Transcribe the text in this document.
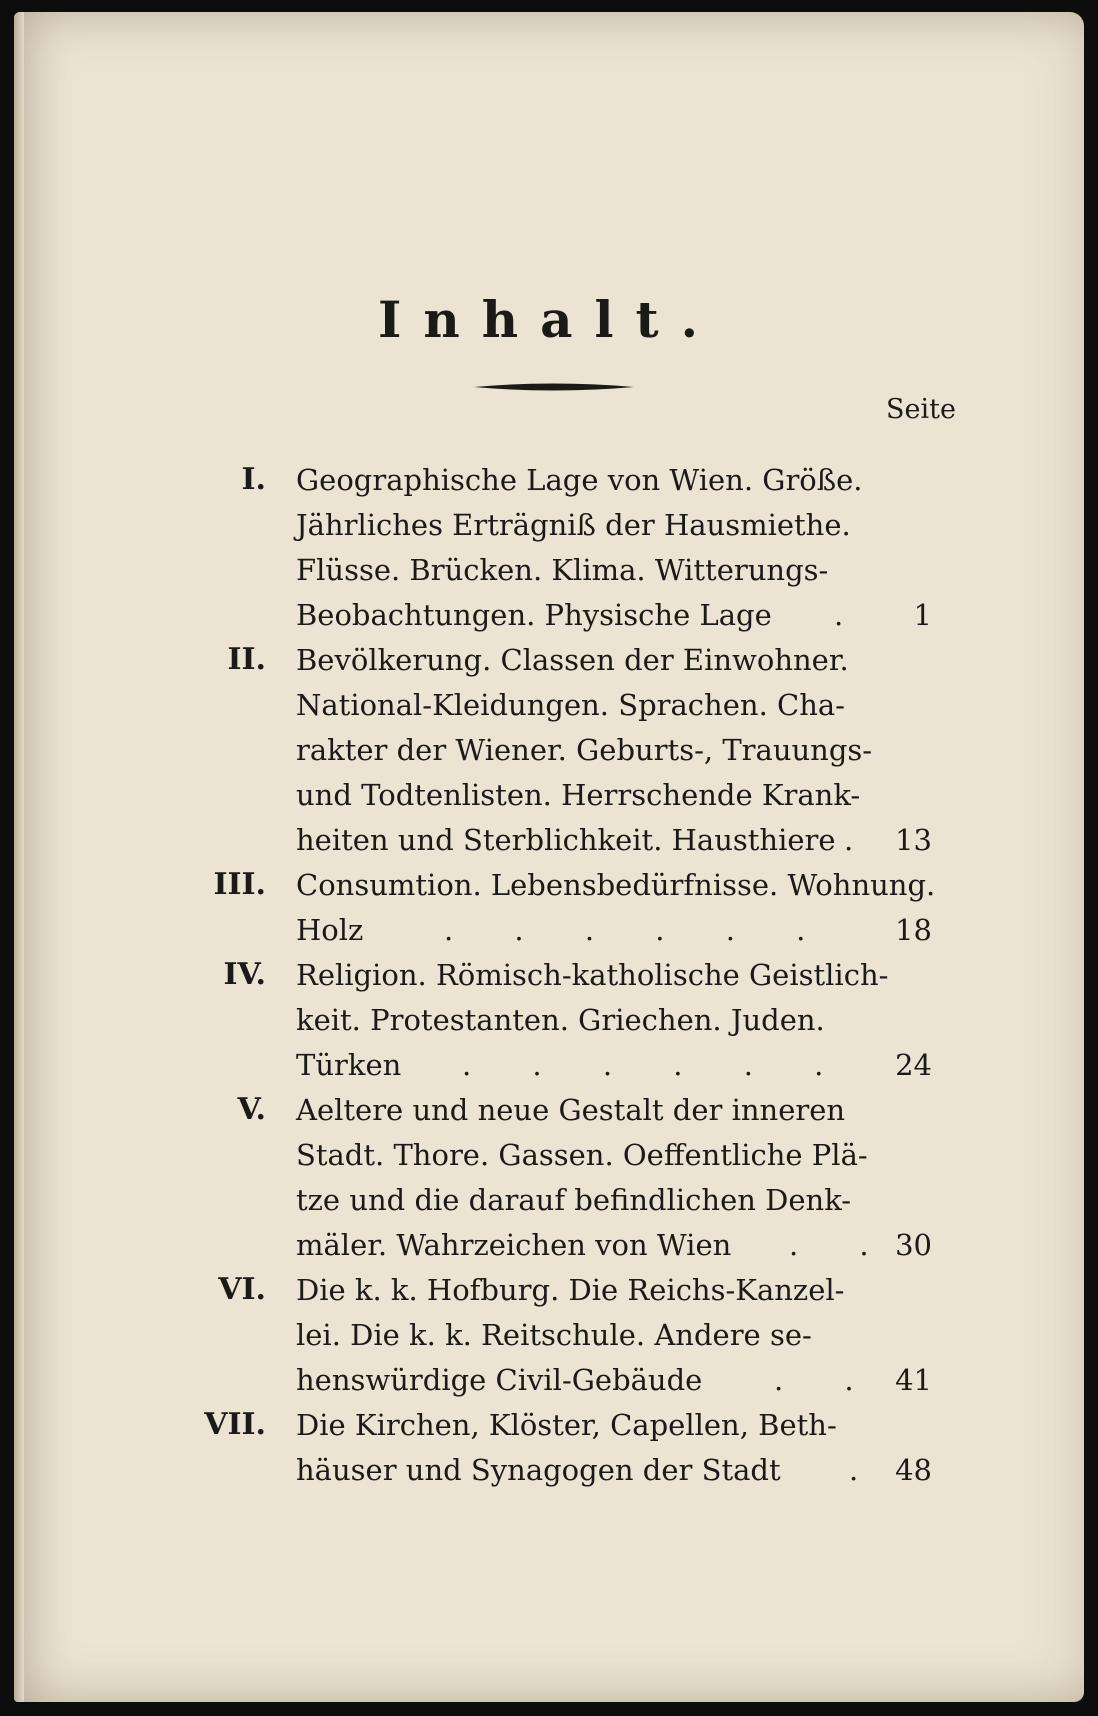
Inhalt.
Seite
I. Geographische Lage von Wien. Größe.
Jährliches Erträgniß der Hausmiethe.
Flüsse. Brücken. Klima. Witterungs-
Beobachtungen. Physische Lage .	1
II. Bevölkerung. Classen der Einwohner.
National-Kleidungen. Sprachen. Cha-
rakter der Wiener. Geburts-, Trauungs-
und Todtenlisten. Herrschende Krank-
heiten und Sterblichkeit. Hausthiere . 13
III. Consumtion. Lebensbedürfnisse. Wohnung.
Holz	. . . . . .	18
IV. Religion. Römisch-katholische Geistlich-
keit. Protestanten. Griechen. Juden.
Türken . . . . . .	24
V. Aeltere und neue Gestalt der inneren
Stadt. Thore. Gassen. Oeffentliche Plä-
tze und die darauf befindlichen Denk-
mäler. Wahrzeichen von Wien . . 30
VI. Die k. k. Hofburg. Die Reichs-Kanzel-
lei. Die k. k. Reitschule. Andere se-
henswürdige Civil-Gebäude . . 41
VII. Die Kirchen, Klöster, Capellen, Beth-
häuser und Synagogen der Stadt . 48
